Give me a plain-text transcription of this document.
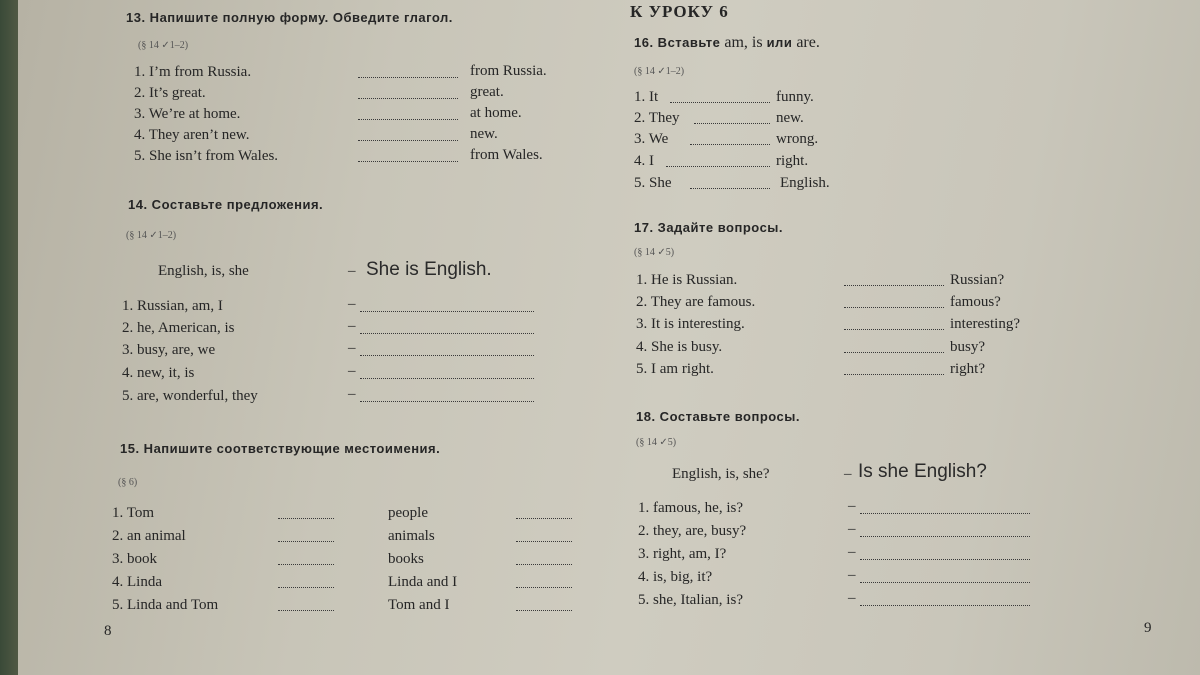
13. Напишите полную форму. Обведите глагол.
(§ 14 ✓1–2)
1. I’m from Russia.	from Russia.
2. It’s great.	great.
3. We’re at home.	at home.
4. They aren’t new.	new.
5. She isn’t from Wales.	from Wales.
14. Составьте предложения.
(§ 14 ✓1–2)
English, is, she	– She is English.
1. Russian, am, I	–
2. he, American, is	–
3. busy, are, we	–
4. new, it, is	–
5. are, wonderful, they	–
15. Напишите соответствующие местоимения.
(§ 6)
1. Tom	people
2. an animal	animals
3. book	books
4. Linda	Linda and I
5. Linda and Tom	Tom and I
8
К УРОКУ 6
16. Вставьте am, is или are.
(§ 14 ✓1–2)
1. It	funny.
2. They	new.
3. We	wrong.
4. I	right.
5. She	English.
17. Задайте вопросы.
(§ 14 ✓5)
1. He is Russian.	Russian?
2. They are famous.	famous?
3. It is interesting.	interesting?
4. She is busy.	busy?
5. I am right.	right?
18. Составьте вопросы.
(§ 14 ✓5)
English, is, she?	– Is she English?
1. famous, he, is?	–
2. they, are, busy?	–
3. right, am, I?	–
4. is, big, it?	–
5. she, Italian, is?	–
9
